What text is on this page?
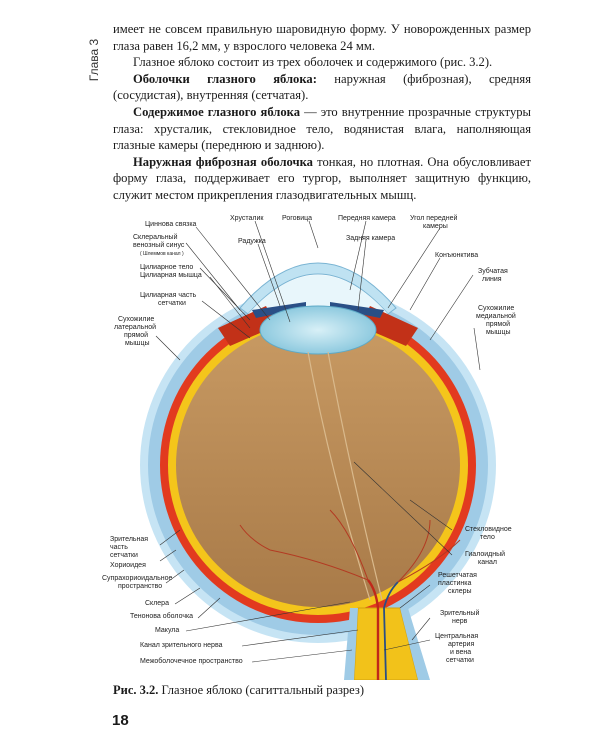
Глава 3

имеет не совсем правильную шаровидную форму. У новорожденных размер глаза равен 16,2 мм, у взрослого человека 24 мм.

Глазное яблоко состоит из трех оболочек и содержимого (рис. 3.2).

Оболочки глазного яблока: наружная (фиброзная), средняя (сосудистая), внутренняя (сетчатая).

Содержимое глазного яблока — это внутренние прозрачные структуры глаза: хрусталик, стекловидное тело, водянистая влага, наполняющая глазные камеры (переднюю и заднюю).

Наружная фиброзная оболочка тонкая, но плотная. Она обусловливает форму глаза, поддерживает его тургор, выполняет защитную функцию, служит местом прикрепления глазодвигательных мышц.

Циннова связка
Склеральный
венозный синус
( Шлеммов канал )
Цилиарное тело
Цилиарная мышца
Цилиарная часть
сетчатки
Сухожилие
латеральной
прямой
мышцы
Хрусталик	Роговица
Радужка
Передняя камера
Задняя камера
Угол передней
камеры
Конъюнктива
Зубчатая
линия
Сухожилие
медиальной
прямой
мышцы
Стекловидное
тело
Гиалоидный
канал
Зрительная
часть
сетчатки
Хориоидея
Супрахориоидальное
пространство
Склера
Тенонова оболочка
Макула
Канал зрительного нерва
Межоболочечное пространство
Решетчатая
пластинка
склеры
Зрительный
нерв
Центральная
артерия
и вена
сетчатки
Рис. 3.2. Глазное яблоко (сагиттальный разрез)
18
